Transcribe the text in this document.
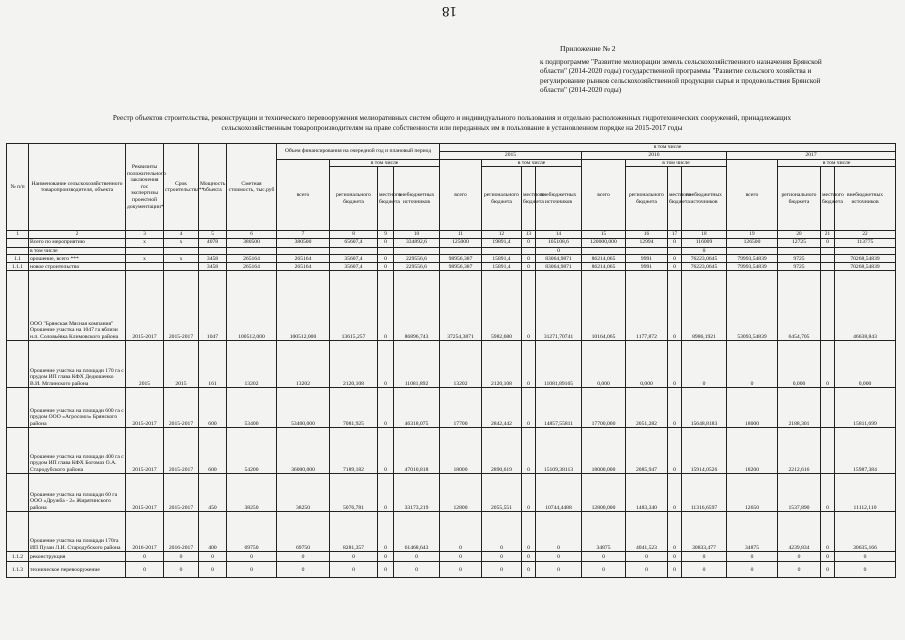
18
Приложение № 2
к подпрограмме "Развитие мелиорации земель сельскохозяйственного назначения Брянской
области" (2014-2020 годы) государственной программы "Развитие сельского хозяйства и
регулирование рынков сельскохозяйственной продукции сырья и продовольствия Брянской
области" (2014-2020 годы)
Реестр объектов строительства, реконструкции и технического перевооружения мелиоративных систем общего и индивидуального пользования и отдельно расположенных гидротехнических сооружений, принадлежащих
сельскохозяйственным товаропроизводителям на праве собственности или переданных им в пользование в установленном порядке на 2015-2017 годы
№ п/п	Наименование сельскохозяйственного товаропроизводителя, объекта	Реквизиты положительного заключения гос экспертизы проектной документации*	Срок строительства**	Мощность объекта	Сметная стоимость, тыс.руб	Объем финансирования на очередной год и плановый период				в том числе											
										2015				2016				2017			
						всего	в том числе			всего	в том числе			всего	в том числе			всего	в том числе		
							регионального бюджета	местного бюджета	внебюджетных источников		регионального бюджета	местного бюджета	внебюджетных источников		регионального бюджета	местного бюджета	внебюджетных источников		регионального бюджета	местного бюджета	внебюджетных источников
1	2	3	4	5	6	7	8	9	10	11	12	13	14	15	16	17	18	19	20	21	22
	Всего по мероприятию	х	х	4078	380500	380500	65607,4	0	334892,6	125000	19891,4	0	105108,6	120000,000	12994	0	116009	126500	12725	0	113775
	в том числе												0				0				
1.1	орошение, всего ***	х	х	3458	265164	265164	35607,4	0	229556,6	98956,387	15891,4	0	83064,9871	86214,065	9991	0	76223,0645	79993,54839	9725		70268,54839
1.1.1	новое строительство			3458	265164	265164	35607,4	0	229556,6	98956,387	15891,4	0	83064,9871	86214,065	9991	0	76223,0645	79993,54839	9725		70268,54839
	ООО "Брянская Мясная компания" Орошение участка на 1047 га вблизи н.п. Соловьёвка Климовского района	2015-2017	2015-2017	1047	100512,000	100512,000	13615,257	0	86896,743	37254,3871	5982,680	0	31271,70741	10164,065	1177,872	0	8986,1921	53093,54839	6454,705		46638,843
	Орошение участка на площади 170 га с прудом ИП глава КФХ Дедюшенко В.И. Мглинского района	2015	2015	161	13202	13202	2120,108	0	11081,892	13202	2120,108	0	11081,89165	0,000	0,000	0	0	0	0,000	0	0,000
	Орошение участка на площади 600 га с прудом ООО «Агросоюз» Брянского района	2015-2017	2015-2017	600	53400	53400,000	7081,925	0	46318,075	17700	2842,442	0	14857,55811	17700,000	2051,282	0	15648,8183	18000	2188,301		15811,699
	Орошение участка на площади 400 га с прудом ИП глава КФХ Богомаз О.А. Стародубского района	2015-2017	2015-2017	600	54200	36000,000	7189,182	0	47010,818	18000	2890,619	0	15109,38113	18000,000	2085,947	0	15914,0526	18200	2212,616		15987,384
	Орошение участка на площади 60 га ООО «Дружба - 2» Жирятинского района	2015-2017	2015-2017	450	38250	38250	5076,781	0	33173,219	12800	2055,551	0	10744,4488	12800,000	1483,340	0	11316,6597	12650	1537,890	0	11112,110
	Орошение участка на площади 170га ИП Пузан Л.И. Стародубского района	2016-2017	2016-2017	400	69750	69750	8281,357	0	61468,643	0	0	0	0	34875	4041,523	0	30833,477	34875	4239,834	0	30635,166
1.1.2	реконструкция	0	0	0	0	0	0	0	0	0	0	0	0	0	0	0	0	0	0	0	0
1.1.3	техническое перевооружение	0	0	0	0	0	0	0	0	0	0	0	0	0	0	0	0	0	0	0	0
